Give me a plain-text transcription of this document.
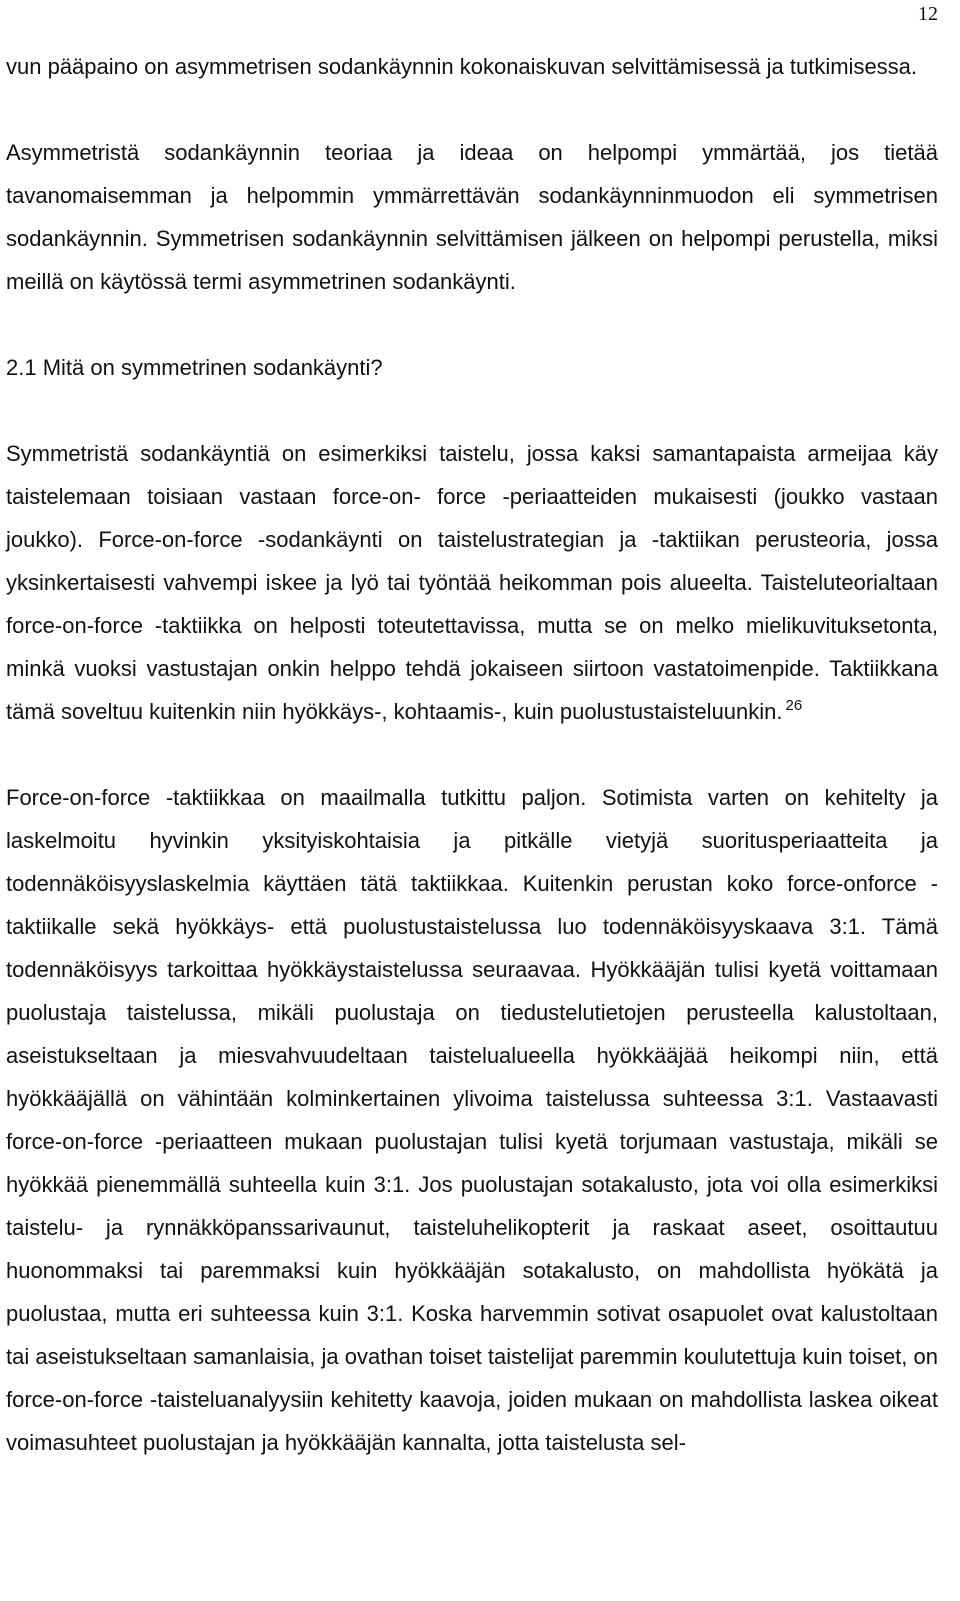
12

vun pääpaino on asymmetrisen sodankäynnin kokonaiskuvan selvittämisessä ja tutkimisessa.

Asymmetristä sodankäynnin teoriaa ja ideaa on helpompi ymmärtää, jos tietää tavanomaisemman ja helpommin ymmärrettävän sodankäynninmuodon eli symmetrisen sodankäynnin. Symmetrisen sodankäynnin selvittämisen jälkeen on helpompi perustella, miksi meillä on käytössä termi asymmetrinen sodankäynti.

2.1 Mitä on symmetrinen sodankäynti?

Symmetristä sodankäyntiä on esimerkiksi taistelu, jossa kaksi samantapaista armeijaa käy taistelemaan toisiaan vastaan force-on- force -periaatteiden mukaisesti (joukko vastaan joukko). Force-on-force -sodankäynti on taistelustrategian ja -taktiikan perusteoria, jossa yksinkertaisesti vahvempi iskee ja lyö tai työntää heikomman pois alueelta. Taisteluteorialtaan force-on-force -taktiikka on helposti toteutettavissa, mutta se on melko mielikuvituksetonta, minkä vuoksi vastustajan onkin helppo tehdä jokaiseen siirtoon vastatoimenpide. Taktiikkana tämä soveltuu kuitenkin niin hyökkäys-, kohtaamis-, kuin puolustustaisteluunkin. $^{26}$

Force-on-force -taktiikkaa on maailmalla tutkittu paljon. Sotimista varten on kehitelty ja laskelmoitu hyvinkin yksityiskohtaisia ja pitkälle vietyjä suoritusperiaatteita ja todennäköisyyslaskelmia käyttäen tätä taktiikkaa. Kuitenkin perustan koko force-onforce -taktiikalle sekä hyökkäys- että puolustustaistelussa luo todennäköisyyskaava 3:1. Tämä todennäköisyys tarkoittaa hyökkäystaistelussa seuraavaa. Hyökkääjän tulisi kyetä voittamaan puolustaja taistelussa, mikäli puolustaja on tiedustelutietojen perusteella kalustoltaan, aseistukseltaan ja miesvahvuudeltaan taistelualueella hyökkääjää heikompi niin, että hyökkääjällä on vähintään kolminkertainen ylivoima taistelussa suhteessa 3:1. Vastaavasti force-on-force -periaatteen mukaan puolustajan tulisi kyetä torjumaan vastustaja, mikäli se hyökkää pienemmällä suhteella kuin 3:1. Jos puolustajan sotakalusto, jota voi olla esimerkiksi taistelu- ja rynnäkköpanssarivaunut, taisteluhelikopterit ja raskaat aseet, osoittautuu huonommaksi tai paremmaksi kuin hyökkääjän sotakalusto, on mahdollista hyökätä ja puolustaa, mutta eri suhteessa kuin 3:1. Koska harvemmin sotivat osapuolet ovat kalustoltaan tai aseistukseltaan samanlaisia, ja ovathan toiset taistelijat paremmin koulutettuja kuin toiset, on force-on-force -taisteluanalyysiin kehitetty kaavoja, joiden mukaan on mahdollista laskea oikeat voimasuhteet puolustajan ja hyökkääjän kannalta, jotta taistelusta sel-
